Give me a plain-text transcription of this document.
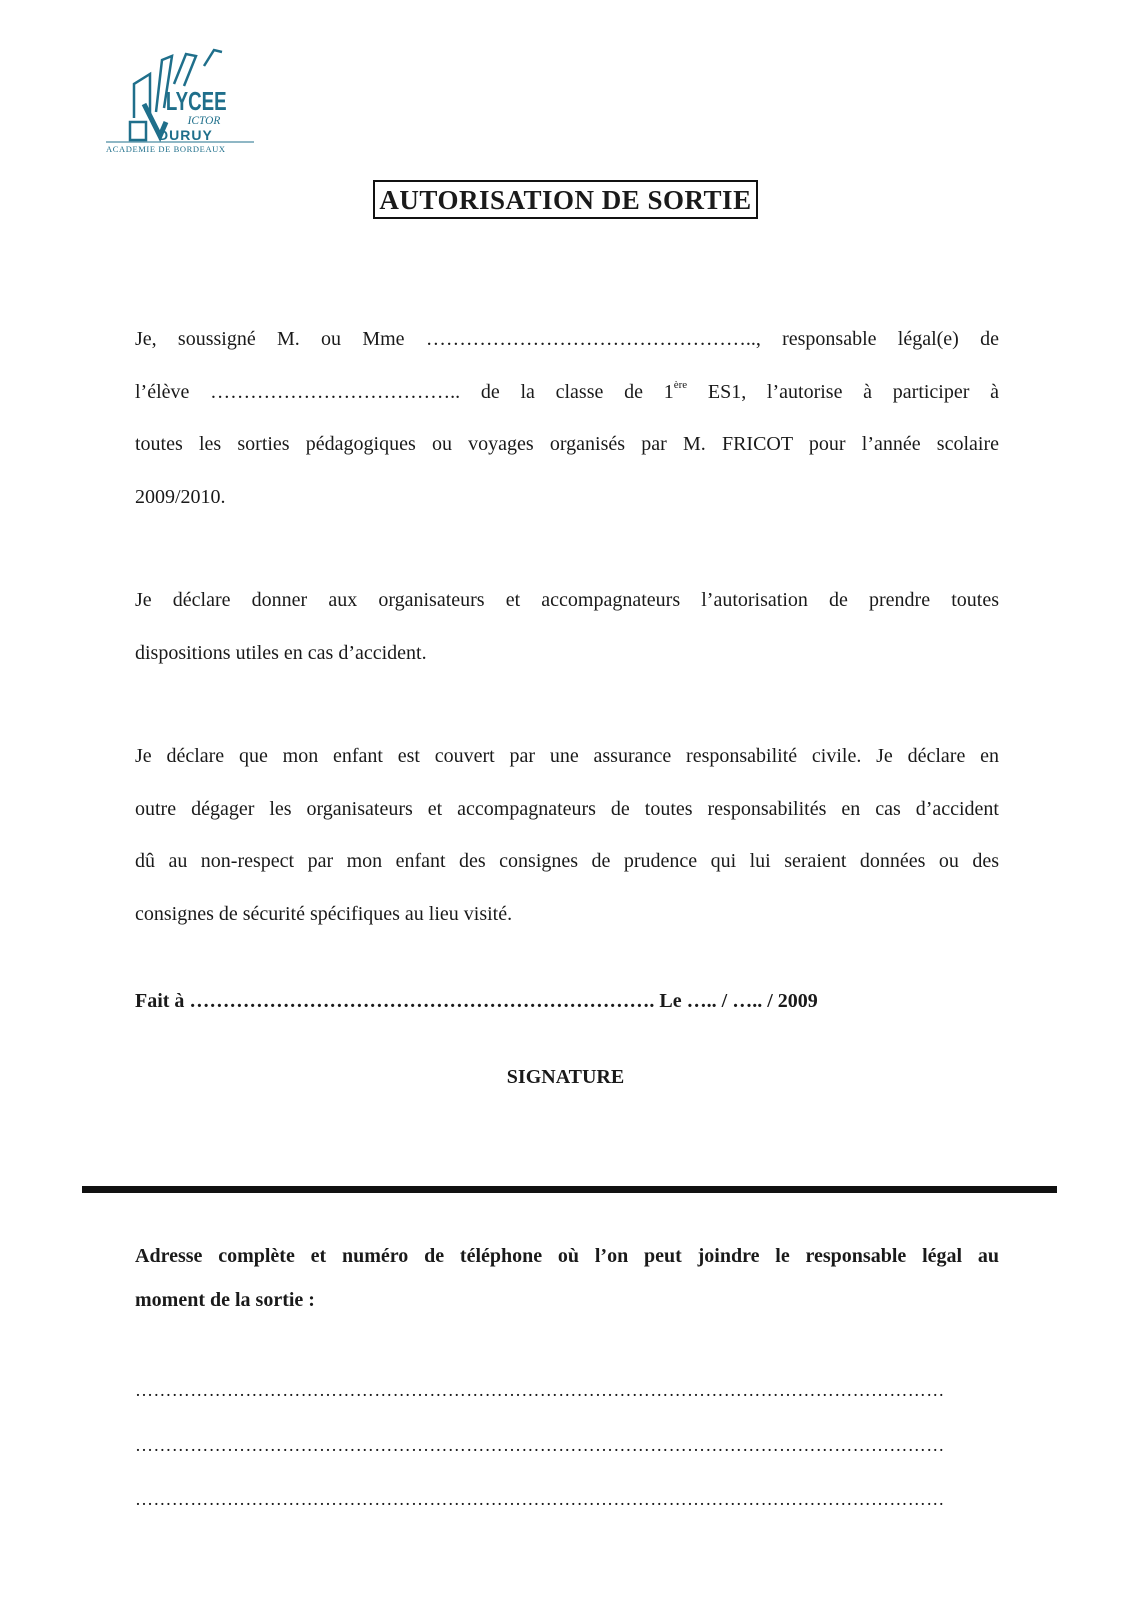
LYCEE
ICTOR
DURUY
ACADEMIE DE BORDEAUX
AUTORISATION DE SORTIE
Je, soussigné M. ou Mme ………………………………………….., responsable légal(e) de
l’élève ……………………………….. de la classe de 1ère ES1, l’autorise à participer à
toutes les sorties pédagogiques ou voyages organisés par M. FRICOT pour l’année scolaire
2009/2010.
Je déclare donner aux organisateurs et accompagnateurs l’autorisation de prendre toutes
dispositions utiles en cas d’accident.
Je déclare que mon enfant est couvert par une assurance responsabilité civile. Je déclare en
outre dégager les organisateurs et accompagnateurs de toutes responsabilités en cas d’accident
dû au non-respect par mon enfant des consignes de prudence qui lui seraient données ou des
consignes de sécurité spécifiques au lieu visité.
Fait à ……………………………………………………………. Le ….. / ….. / 2009
SIGNATURE
Adresse complète et numéro de téléphone où l’on peut joindre le responsable légal au
moment de la sortie :
……………………………………………………………………………………………………………………
……………………………………………………………………………………………………………………
……………………………………………………………………………………………………………………
